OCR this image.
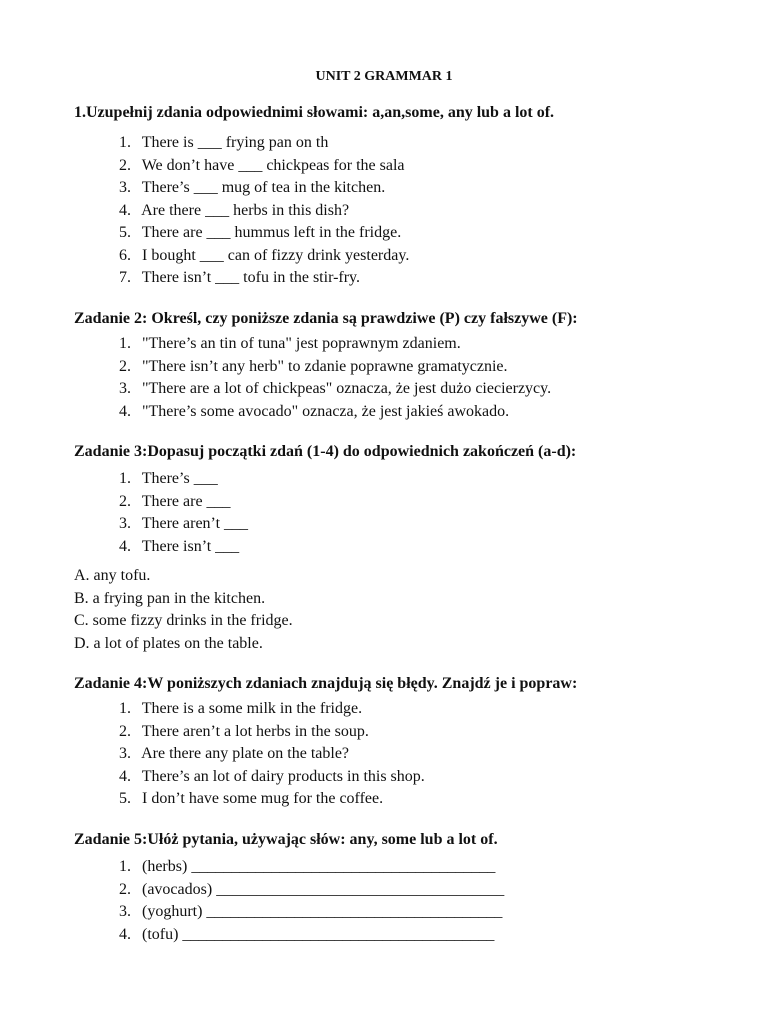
UNIT 2 GRAMMAR 1
1.Uzupełnij zdania odpowiednimi słowami: a,an,some, any lub a lot of.
1. There is ___ frying pan on th
2. We don’t have ___ chickpeas for the sala
3. There’s ___ mug of tea in the kitchen.
4. Are there ___ herbs in this dish?
5. There are ___ hummus left in the fridge.
6. I bought ___ can of fizzy drink yesterday.
7. There isn’t ___ tofu in the stir-fry.
Zadanie 2: Określ, czy poniższe zdania są prawdziwe (P) czy fałszywe (F):
1. "There’s an tin of tuna" jest poprawnym zdaniem.
2. "There isn’t any herb" to zdanie poprawne gramatycznie.
3. "There are a lot of chickpeas" oznacza, że jest dużo ciecierzycy.
4. "There’s some avocado" oznacza, że jest jakieś awokado.
Zadanie 3:Dopasuj początki zdań (1-4) do odpowiednich zakończeń (a-d):
1. There’s ___
2. There are ___
3. There aren’t ___
4. There isn’t ___
A. any tofu.
B. a frying pan in the kitchen.
C. some fizzy drinks in the fridge.
D. a lot of plates on the table.
Zadanie 4:W poniższych zdaniach znajdują się błędy. Znajdź je i popraw:
1. There is a some milk in the fridge.
2. There aren’t a lot herbs in the soup.
3. Are there any plate on the table?
4. There’s an lot of dairy products in this shop.
5. I don’t have some mug for the coffee.
Zadanie 5:Ułóż pytania, używając słów: any, some lub a lot of.
1. (herbs) ______________________________________
2. (avocados) ____________________________________
3. (yoghurt) _____________________________________
4. (tofu) _______________________________________
